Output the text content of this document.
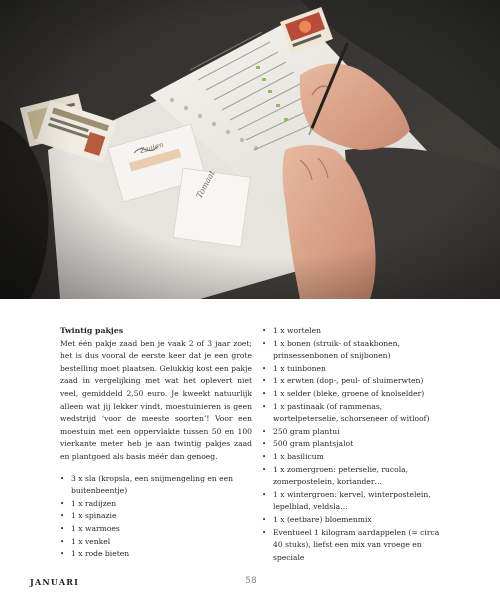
Twintig pakjes

Met één pakje zaad ben je vaak 2 of 3 jaar zoet; het is dus vooral de eerste keer dat je een grote bestelling moet plaatsen. Gelukkig kost een pakje zaad in vergelijking met wat het oplevert niet veel, gemiddeld 2,50 euro. Je kweekt natuurlijk alleen wat jij lekker vindt, moestuinieren is geen wedstrijd ‘voor de meeste soorten’! Voor een moestuin met een oppervlakte tussen 50 en 100 vierkante meter heb je aan twintig pakjes zaad en plantgoed als basis méér dan genoeg.

• 3 x sla (kropsla, een snijmengeling en een buitenbeentje)
• 1 x radijzen
• 1 x spinazie
• 1 x warmoes
• 1 x venkel
• 1 x rode bieten
• 1 x wortelen
• 1 x bonen (struik- of staakbonen, prinsessenbonen of snijbonen)
• 1 x tuinbonen
• 1 x erwten (dop-, peul- of sluimerwten)
• 1 x selder (bleke, groene of knolselder)
• 1 x pastinaak (of rammenas, wortelpeterselie, schorseneer of witloof)
• 250 gram plantui
• 500 gram plantsjalot
• 1 x basilicum
• 1 x zomergroen: peterselie, rucola, zomerpostelein, koriander…
• 1 x wintergroen: kervel, winterpostelein, lepelblad, veldsla…
• 1 x (eetbare) bloemenmix
• Eventueel 1 kilogram aardappelen (= circa 40 stuks), liefst een mix van vroege en speciale
JANUARI	58
